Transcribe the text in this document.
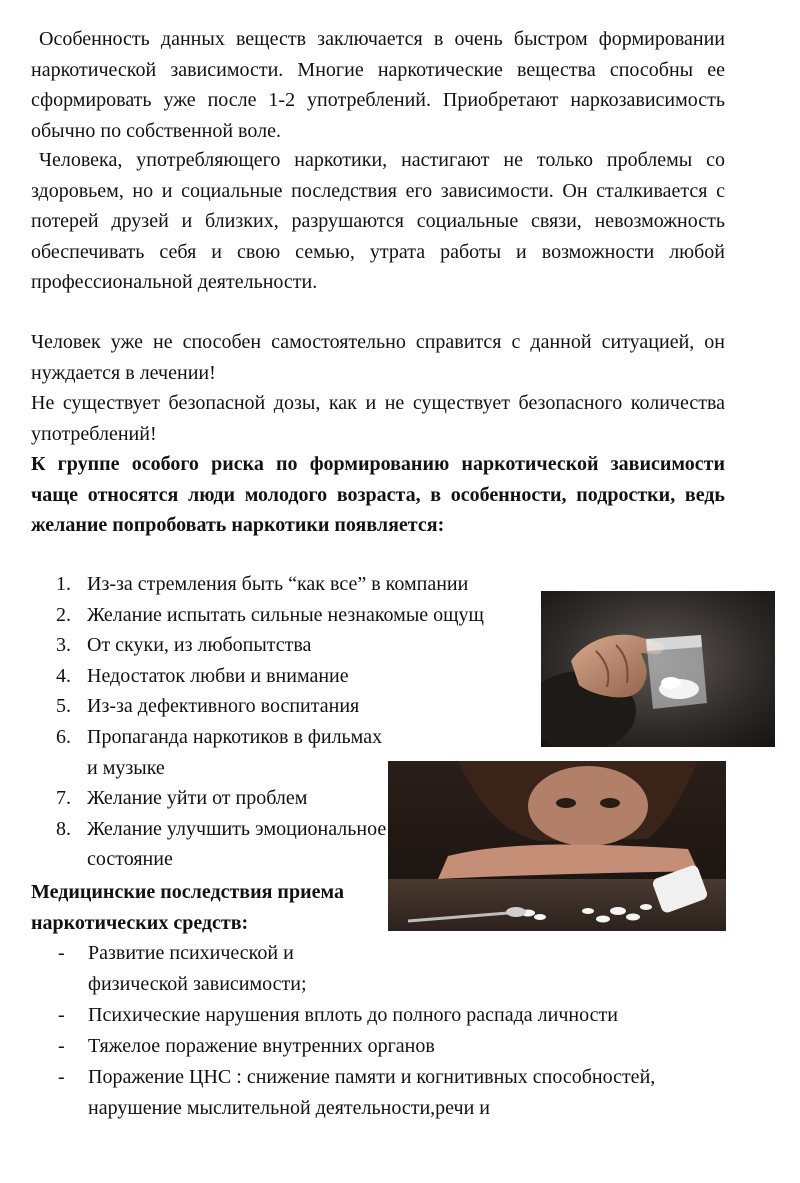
Особенность данных веществ заключается в очень быстром формировании наркотической зависимости. Многие наркотические вещества способны ее сформировать уже после 1-2 употреблений. Приобретают наркозависимость обычно по собственной воле.

Человека, употребляющего наркотики, настигают не только проблемы со здоровьем, но и социальные последствия его зависимости. Он сталкивается с потерей друзей и близких, разрушаются социальные связи, невозможность обеспечивать себя и свою семью, утрата работы и возможности любой профессиональной деятельности.

Человек уже не способен самостоятельно справится с данной ситуацией, он нуждается в лечении!

Не существует безопасной дозы, как и не существует безопасного количества употреблений!

К группе особого риска по формированию наркотической зависимости чаще относятся люди молодого возраста, в особенности, подростки, ведь желание попробовать наркотики появляется:

1. Из-за стремления быть “как все” в компании
2. Желание испытать сильные незнакомые ощущ
3. От скуки, из любопытства
4. Недостаток любви и внимание
5. Из-за дефективного воспитания
6. Пропаганда наркотиков в фильмах и музыке
7. Желание уйти от проблем
8. Желание улучшить эмоциональное состояние

Медицинские последствия приема наркотических средств:

-	Развитие психической и физической зависимости;
-	Психические нарушения вплоть до полного распада личности
-	Тяжелое поражение внутренних органов
-	Поражение ЦНС : снижение памяти и когнитивных способностей, нарушение мыслительной деятельности,речи и
